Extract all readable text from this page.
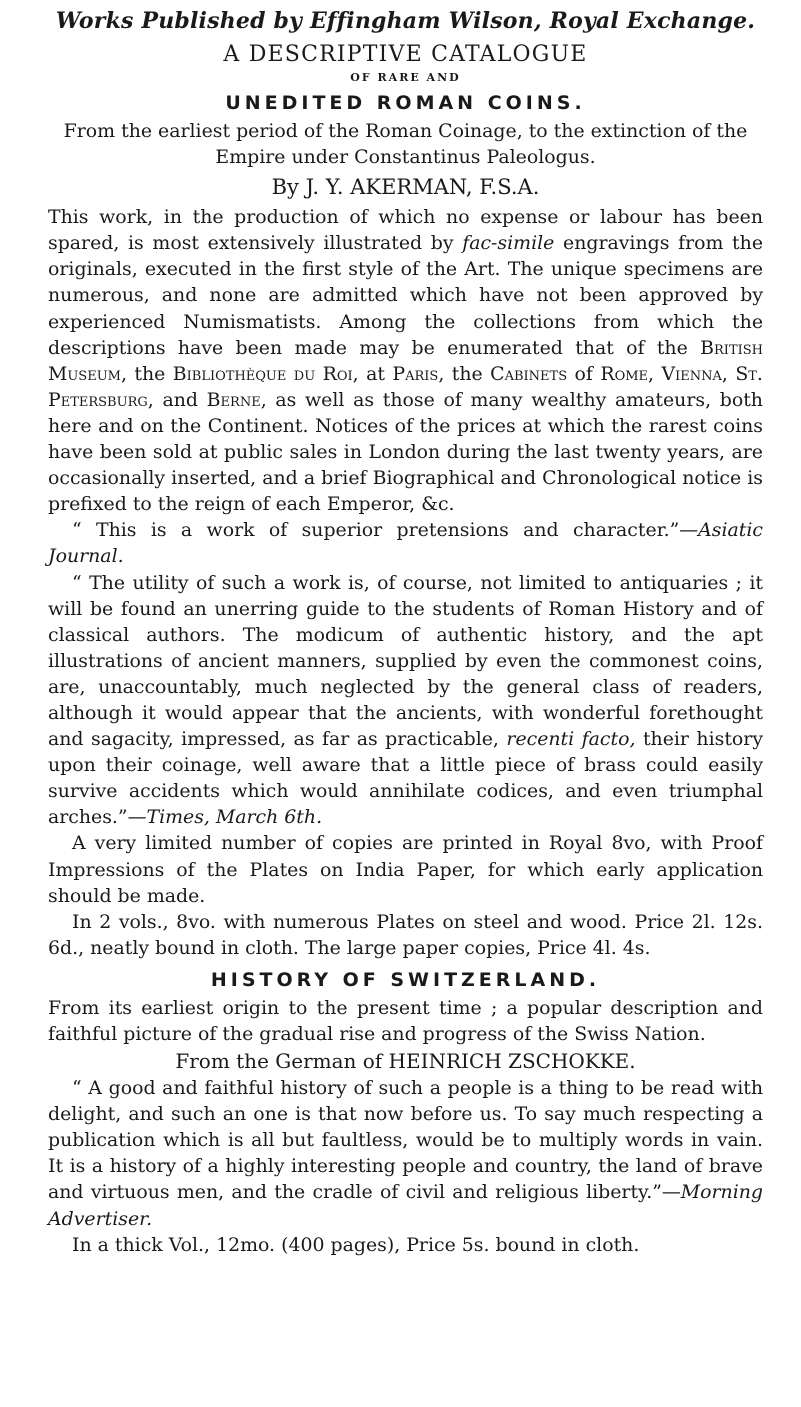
Works Published by Effingham Wilson, Royal Exchange.
A DESCRIPTIVE CATALOGUE
OF RARE AND
UNEDITED ROMAN COINS.

From the earliest period of the Roman Coinage, to the extinction of the Empire under Constantinus Paleologus.

By J. Y. AKERMAN, F.S.A.

This work, in the production of which no expense or labour has been spared, is most extensively illustrated by fac-simile engravings from the originals, executed in the first style of the Art. The unique specimens are numerous, and none are admitted which have not been approved by experienced Numismatists. Among the collections from which the descriptions have been made may be enumerated that of the British Museum, the Bibliothèque du Roi, at Paris, the Cabinets of Rome, Vienna, St. Petersburg, and Berne, as well as those of many wealthy amateurs, both here and on the Continent. Notices of the prices at which the rarest coins have been sold at public sales in London during the last twenty years, are occasionally inserted, and a brief Biographical and Chronological notice is prefixed to the reign of each Emperor, &c.

“ This is a work of superior pretensions and character.”—Asiatic Journal.

“ The utility of such a work is, of course, not limited to antiquaries ; it will be found an unerring guide to the students of Roman History and of classical authors. The modicum of authentic history, and the apt illustrations of ancient manners, supplied by even the commonest coins, are, unaccountably, much neglected by the general class of readers, although it would appear that the ancients, with wonderful forethought and sagacity, impressed, as far as practicable, recenti facto, their history upon their coinage, well aware that a little piece of brass could easily survive accidents which would annihilate codices, and even triumphal arches.”—Times, March 6th.

A very limited number of copies are printed in Royal 8vo, with Proof Impressions of the Plates on India Paper, for which early application should be made.

In 2 vols., 8vo. with numerous Plates on steel and wood. Price 2l. 12s. 6d., neatly bound in cloth. The large paper copies, Price 4l. 4s.

HISTORY OF SWITZERLAND.

From its earliest origin to the present time ; a popular description and faithful picture of the gradual rise and progress of the Swiss Nation.

From the German of HEINRICH ZSCHOKKE.

“ A good and faithful history of such a people is a thing to be read with delight, and such an one is that now before us. To say much respecting a publication which is all but faultless, would be to multiply words in vain. It is a history of a highly interesting people and country, the land of brave and virtuous men, and the cradle of civil and religious liberty.”—Morning Advertiser.

In a thick Vol., 12mo. (400 pages), Price 5s. bound in cloth.
